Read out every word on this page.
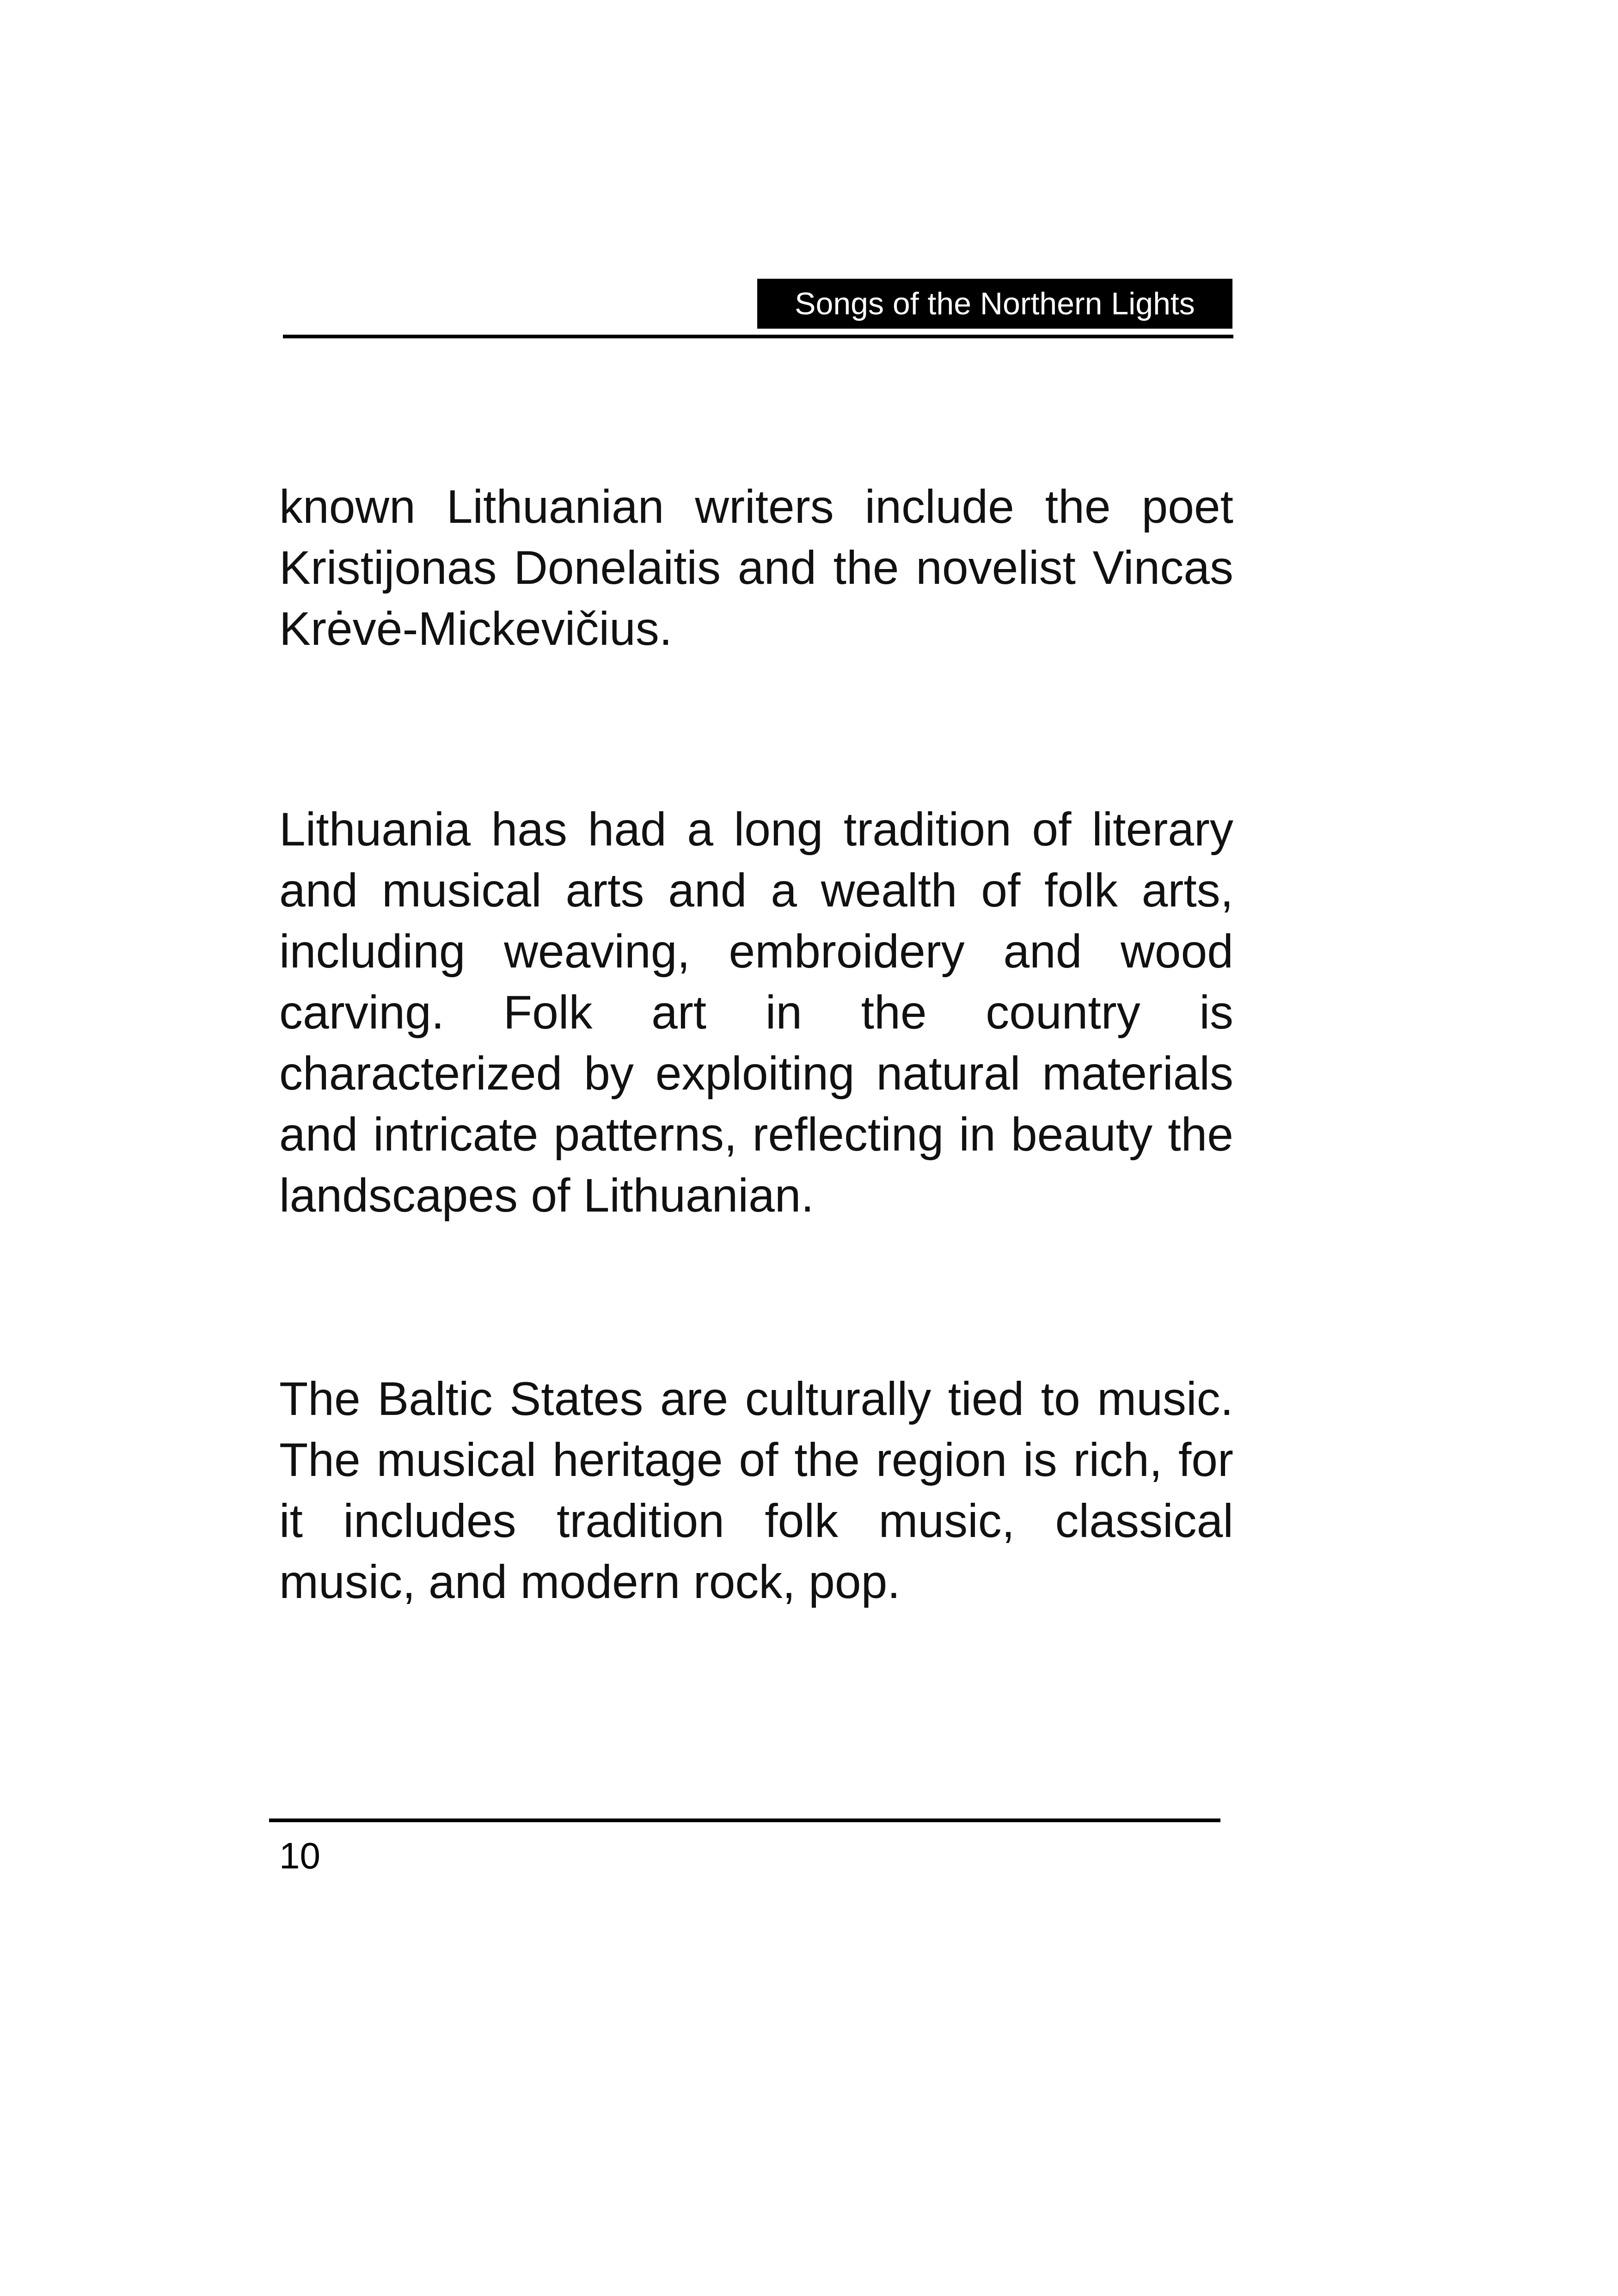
Songs of the Northern Lights

known Lithuanian writers include the poet Kristijonas Donelaitis and the novelist Vincas Krėvė-Mickevičius.

Lithuania has had a long tradition of literary and musical arts and a wealth of folk arts, including weaving, embroidery and wood carving. Folk art in the country is characterized by exploiting natural materials and intricate patterns, reflecting in beauty the landscapes of Lithuanian.

The Baltic States are culturally tied to music. The musical heritage of the region is rich, for it includes tradition folk music, classical music, and modern rock, pop.

10
